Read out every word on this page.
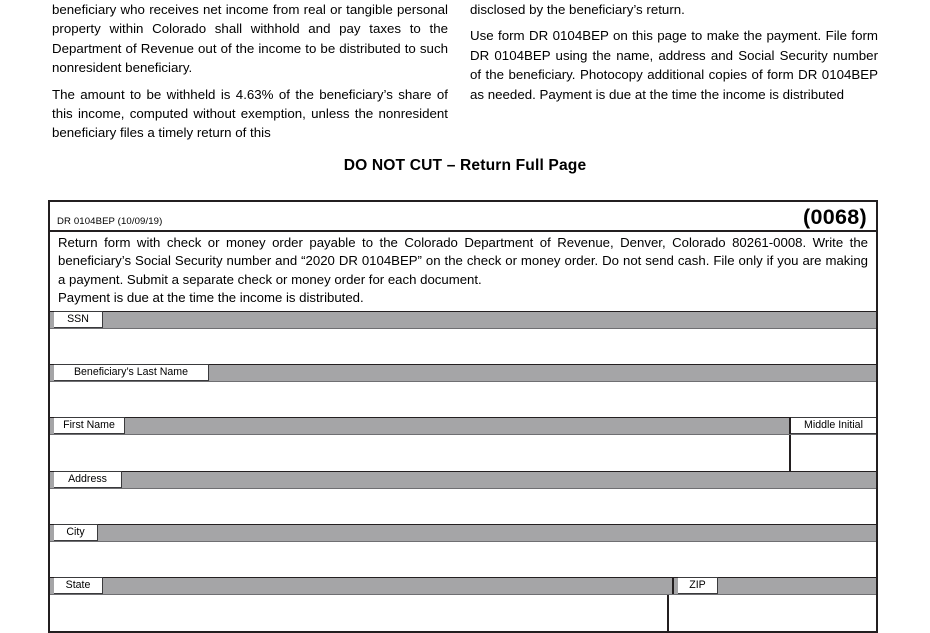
beneficiary who receives net income from real or tangible personal property within Colorado shall withhold and pay taxes to the Department of Revenue out of the income to be distributed to such nonresident beneficiary.

The amount to be withheld is 4.63% of the beneficiary’s share of this income, computed without exemption, unless the nonresident beneficiary files a timely return of this

disclosed by the beneficiary’s return.

Use form DR 0104BEP on this page to make the payment. File form DR 0104BEP using the name, address and Social Security number of the beneficiary. Photocopy additional copies of form DR 0104BEP as needed. Payment is due at the time the income is distributed

DO NOT CUT – Return Full Page
DR 0104BEP (10/09/19)	(0068)

Return form with check or money order payable to the Colorado Department of Revenue, Denver, Colorado 80261-0008. Write the beneficiary’s Social Security number and “2020 DR 0104BEP” on the check or money order. Do not send cash. File only if you are making a payment. Submit a separate check or money order for each document.

Payment is due at the time the income is distributed.

SSN
Beneficiary’s Last Name
First Name	Middle Initial
Address
City
State	ZIP
